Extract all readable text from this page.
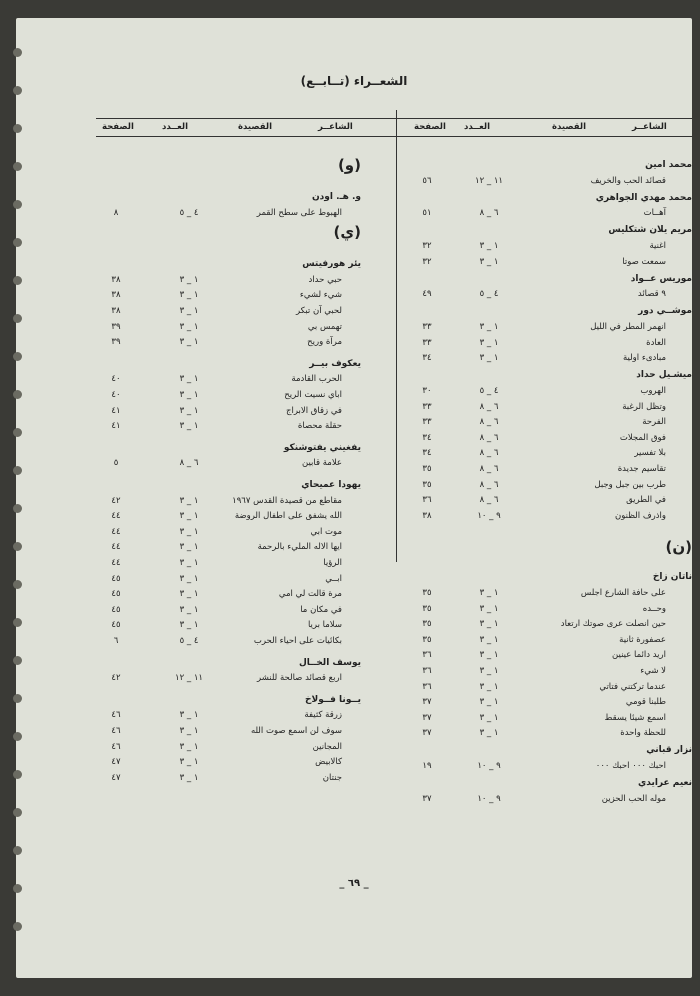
الشعــراء (تــابــع)
الشاعــر
القصيدة
العــدد
الصفحة
الشاعــر
القصيدة
العــدد
الصفحة
محمد امين
قصائد الحب والخريف
١١ _ ١٢
٥٦
محمد مهدي الجواهري
آهــات
٦ _ ٨
٥١
مريم يلان شتكليس
اغنية
١ _ ٣
٣٢
سمعت صوتا
١ _ ٣
٣٢
موريس عــواد
٩ قصائد
٤ _ ٥
٤٩
موشــي دور
انهمر المطر في الليل
١ _ ٣
٣٣
العادة
١ _ ٣
٣٣
مبادىء اولية
١ _ ٣
٣٤
ميشـيل حداد
الهروب
٤ _ ٥
٣٠
وتظل الرغبة
٦ _ ٨
٣٣
الفرحة
٦ _ ٨
٣٣
فوق المجلات
٦ _ ٨
٣٤
بلا تفسير
٦ _ ٨
٣٤
تقاسيم جديدة
٦ _ ٨
٣٥
طرب بين جبل وجبل
٦ _ ٨
٣٥
في الطريق
٦ _ ٨
٣٦
واذرف الظنون
٩ _ ١٠
٣٨
(ن)
ناتان زاخ
على حافة الشارع اجلس
١ _ ٣
٣٥
وحــده
١ _ ٣
٣٥
حين انصلت عرى صوتك ارتعاد
١ _ ٣
٣٥
عصفورة ثانية
١ _ ٣
٣٥
اريد دائما عينين
١ _ ٣
٣٦
لا شيء
١ _ ٣
٣٦
عندما تركتني فتاتي
١ _ ٣
٣٦
طلبنا قومي
١ _ ٣
٣٧
اسمع شيئا يسقط
١ _ ٣
٣٧
للحظة واحدة
١ _ ٣
٣٧
نزار قباني
احبك ۰۰۰ احبك ۰۰۰
٩ _ ١٠
١٩
نعيم عرايدي
موله الحب الحزين
٩ _ ١٠
٣٧
(و)
و. هـ. اودن
الهبوط على سطح القمر
٤ _ ٥
٨
(ي)
يئر هورفيتس
حبي حداد
١ _ ٣
٣٨
شيء لشيء
١ _ ٣
٣٨
لحبي آن تبكر
١ _ ٣
٣٨
تهمس بي
١ _ ٣
٣٩
مرآة وريح
١ _ ٣
٣٩
يعكوف بيــر
الحرب القادمة
١ _ ٣
٤٠
اباي نسيت الريح
١ _ ٣
٤٠
في زقاق الابراج
١ _ ٣
٤١
حقلة محصاة
١ _ ٣
٤١
يفغيني يفتوشنكو
علامة قابين
٦ _ ٨
٥
يهودا عميحاي
مقاطع من قصيدة القدس ١٩٦٧
١ _ ٣
٤٢
الله يشفق على اطفال الروضة
١ _ ٣
٤٤
موت ابي
١ _ ٣
٤٤
ايها الاله المليء بالرحمة
١ _ ٣
٤٤
الرؤيا
١ _ ٣
٤٤
ابــي
١ _ ٣
٤٥
مرة قالت لي امي
١ _ ٣
٤٥
في مكان ما
١ _ ٣
٤٥
سلاما بريا
١ _ ٣
٤٥
بكائيات على احياء الحرب
٤ _ ٥
٦
يوسف الخــال
اربع قصائد صالحة للنشر
١١ _ ١٢
٤٢
يــونا فــولاخ
زرقة كثيفة
١ _ ٣
٤٦
سوف لن اسمع صوت الله
١ _ ٣
٤٦
المجانين
١ _ ٣
٤٦
كالابيض
١ _ ٣
٤٧
جنتان
١ _ ٣
٤٧
_ ٦٩ _
